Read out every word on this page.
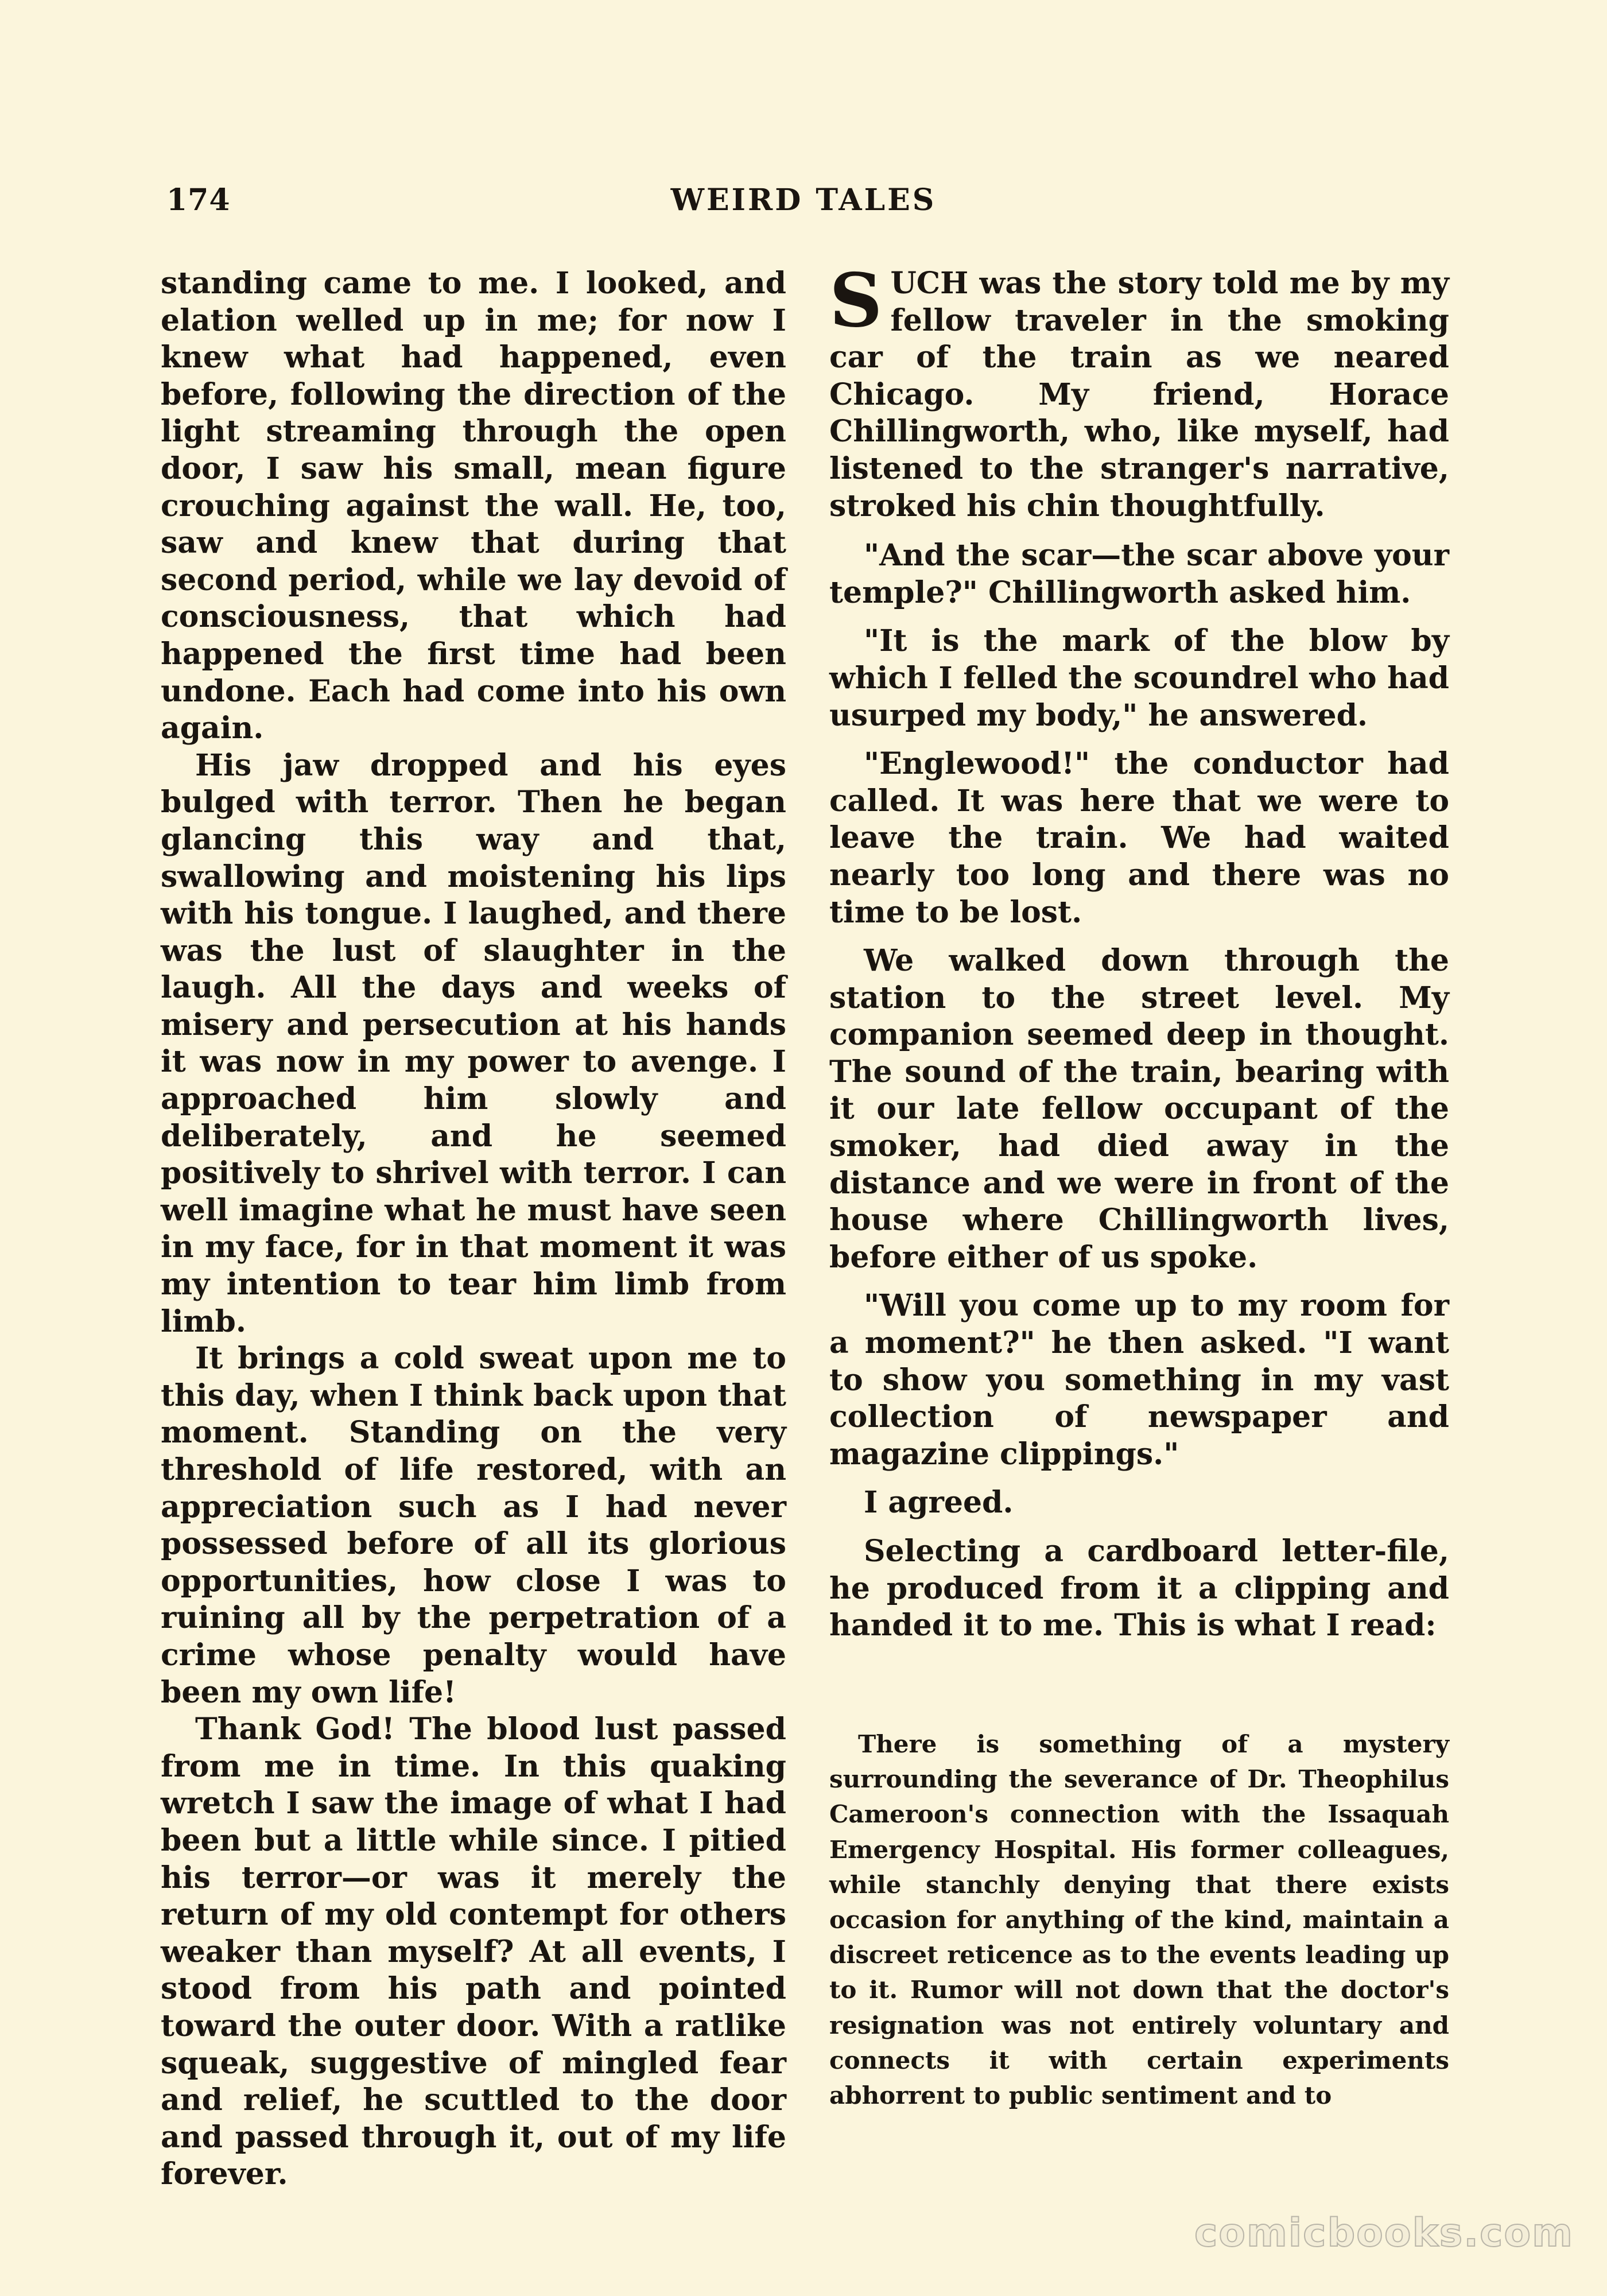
174	WEIRD TALES

standing came to me. I looked, and elation welled up in me; for now I knew what had happened, even before, following the direction of the light streaming through the open door, I saw his small, mean figure crouching against the wall. He, too, saw and knew that during that second period, while we lay devoid of consciousness, that which had happened the first time had been undone. Each had come into his own again.

His jaw dropped and his eyes bulged with terror. Then he began glancing this way and that, swallowing and moistening his lips with his tongue. I laughed, and there was the lust of slaughter in the laugh. All the days and weeks of misery and persecution at his hands it was now in my power to avenge. I approached him slowly and deliberately, and he seemed positively to shrivel with terror. I can well imagine what he must have seen in my face, for in that moment it was my intention to tear him limb from limb.

It brings a cold sweat upon me to this day, when I think back upon that moment. Standing on the very threshold of life restored, with an appreciation such as I had never possessed before of all its glorious opportunities, how close I was to ruining all by the perpetration of a crime whose penalty would have been my own life!

Thank God! The blood lust passed from me in time. In this quaking wretch I saw the image of what I had been but a little while since. I pitied his terror—or was it merely the return of my old contempt for others weaker than myself? At all events, I stood from his path and pointed toward the outer door. With a ratlike squeak, suggestive of mingled fear and relief, he scuttled to the door and passed through it, out of my life forever.

SUCH was the story told me by my fellow traveler in the smoking car of the train as we neared Chicago. My friend, Horace Chillingworth, who, like myself, had listened to the stranger's narrative, stroked his chin thoughtfully.

"And the scar—the scar above your temple?" Chillingworth asked him.

"It is the mark of the blow by which I felled the scoundrel who had usurped my body," he answered.

"Englewood!" the conductor had called. It was here that we were to leave the train. We had waited nearly too long and there was no time to be lost.

We walked down through the station to the street level. My companion seemed deep in thought. The sound of the train, bearing with it our late fellow occupant of the smoker, had died away in the distance and we were in front of the house where Chillingworth lives, before either of us spoke.

"Will you come up to my room for a moment?" he then asked. "I want to show you something in my vast collection of newspaper and magazine clippings."

I agreed.

Selecting a cardboard letter-file, he produced from it a clipping and handed it to me. This is what I read:

There is something of a mystery surrounding the severance of Dr. Theophilus Cameroon's connection with the Issaquah Emergency Hospital. His former colleagues, while stanchly denying that there exists occasion for anything of the kind, maintain a discreet reticence as to the events leading up to it. Rumor will not down that the doctor's resignation was not entirely voluntary and connects it with certain experiments abhorrent to public sentiment and to

comicbooks.com
